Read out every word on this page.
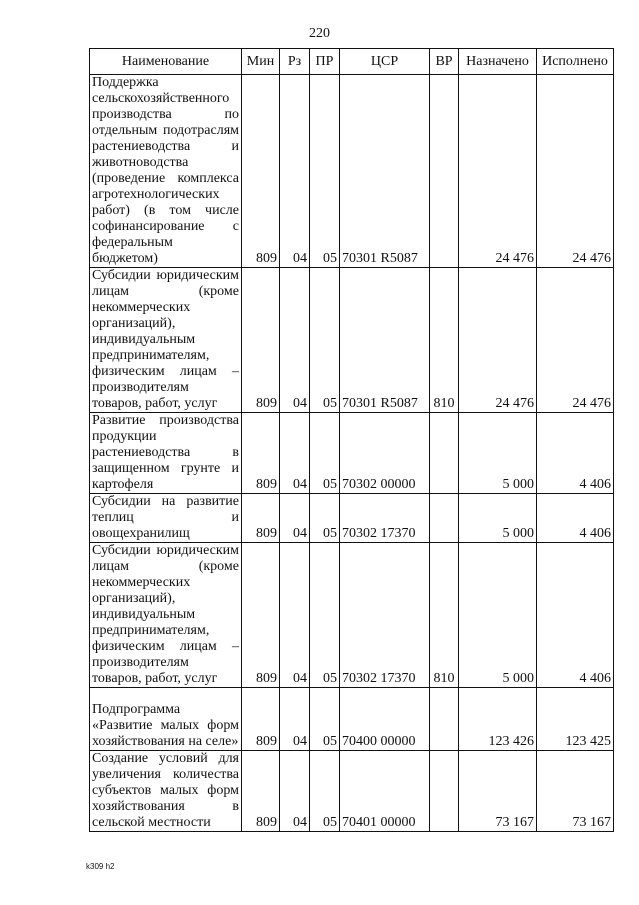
220
Наименование	Мин	Рз	ПР	ЦСР	ВР	Назначено	Исполнено
Поддержка сельскохозяйственного производства по отдельным подотраслям растениеводства и животноводства (проведение комплекса агротехнологических работ) (в том числе софинансирование с федеральным бюджетом)	809	04	05	70301 R5087		24 476	24 476
Субсидии юридическим лицам (кроме некоммерческих организаций), индивидуальным предпринимателям, физическим лицам – производителям товаров, работ, услуг	809	04	05	70301 R5087	810	24 476	24 476
Развитие производства продукции растениеводства в защищенном грунте и картофеля	809	04	05	70302 00000		5 000	4 406
Субсидии на развитие теплиц и овощехранилищ	809	04	05	70302 17370		5 000	4 406
Субсидии юридическим лицам (кроме некоммерческих организаций), индивидуальным предпринимателям, физическим лицам – производителям товаров, работ, услуг	809	04	05	70302 17370	810	5 000	4 406
Подпрограмма «Развитие малых форм хозяйствования на селе»	809	04	05	70400 00000		123 426	123 425
Создание условий для увеличения количества субъектов малых форм хозяйствования в сельской местности	809	04	05	70401 00000		73 167	73 167
k309 h2
